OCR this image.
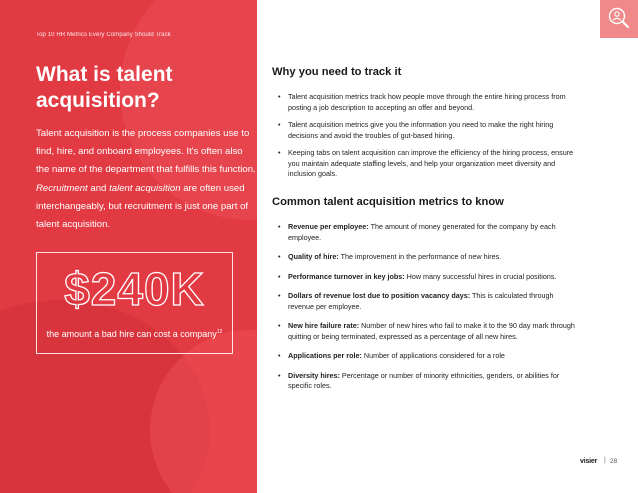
Top 10 HR Metrics Every Company Should Track
What is talent acquisition?
Talent acquisition is the process companies use to find, hire, and onboard employees. It's often also the name of the department that fulfills this function. Recruitment and talent acquisition are often used interchangeably, but recruitment is just one part of talent acquisition.
$240K
the amount a bad hire can cost a company$^{12}$
Why you need to track it
• Talent acquisition metrics track how people move through the entire hiring process from posting a job description to accepting an offer and beyond.
• Talent acquisition metrics give you the information you need to make the right hiring decisions and avoid the troubles of gut-based hiring.
• Keeping tabs on talent acquisition can improve the efficiency of the hiring process, ensure you maintain adequate staffing levels, and help your organization meet diversity and inclusion goals.
Common talent acquisition metrics to know
• Revenue per employee: The amount of money generated for the company by each employee.
• Quality of hire: The improvement in the performance of new hires.
• Performance turnover in key jobs: How many successful hires in crucial positions.
• Dollars of revenue lost due to position vacancy days: This is calculated through revenue per employee.
• New hire failure rate: Number of new hires who fail to make it to the 90 day mark through quitting or being terminated, expressed as a percentage of all new hires.
• Applications per role: Number of applications considered for a role
• Diversity hires: Percentage or number of minority ethnicities, genders, or abilities for specific roles.
visier | 28
